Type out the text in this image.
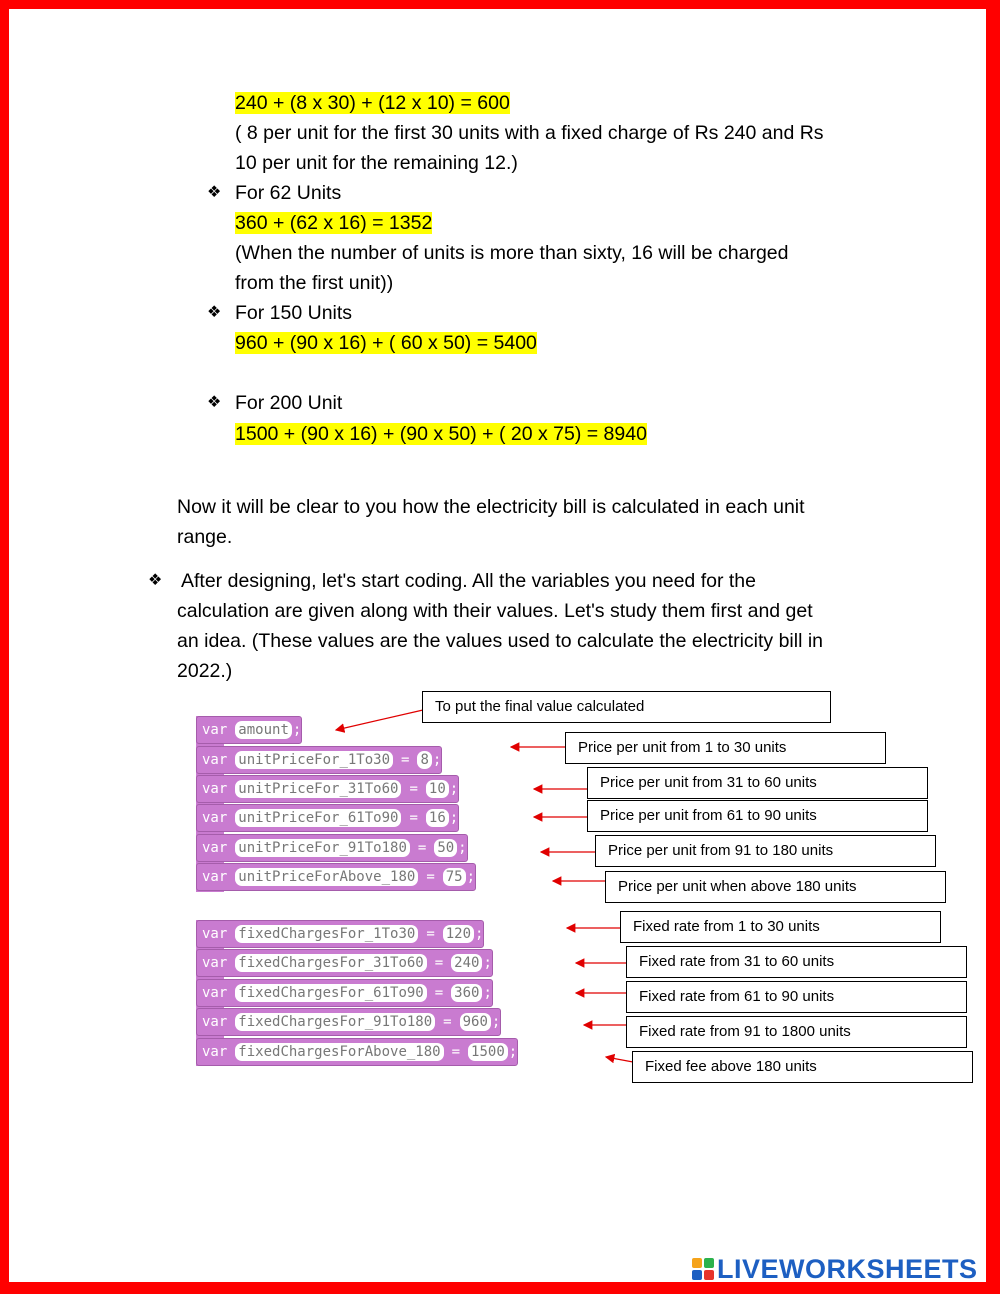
240 + (8 x 30) + (12 x 10) = 600
( 8 per unit for the first 30 units with a fixed charge of Rs 240 and Rs
10 per unit for the remaining 12.)
❖ For 62 Units
360 + (62 x 16) = 1352
(When the number of units is more than sixty, 16 will be charged
from the first unit))
❖ For 150 Units
960 + (90 x 16) + ( 60 x 50) = 5400
❖ For 200 Unit
1500 + (90 x 16) + (90 x 50) + ( 20 x 75) = 8940
Now it will be clear to you how the electricity bill is calculated in each unit
range.
❖ After designing, let's start coding. All the variables you need for the
calculation are given along with their values. Let's study them first and get
an idea. (These values are the values used to calculate the electricity bill in
2022.)
var amount ;
var unitPriceFor_1To30 = 8 ;
var unitPriceFor_31To60 = 10 ;
var unitPriceFor_61To90 = 16 ;
var unitPriceFor_91To180 = 50 ;
var unitPriceForAbove_180 = 75 ;
var fixedChargesFor_1To30 = 120 ;
var fixedChargesFor_31To60 = 240 ;
var fixedChargesFor_61To90 = 360 ;
var fixedChargesFor_91To180 = 960 ;
var fixedChargesForAbove_180 = 1500 ;
To put the final value calculated
Price per unit from 1 to 30 units
Price per unit from 31 to 60 units
Price per unit from 61 to 90 units
Price per unit from 91 to 180 units
Price per unit when above 180 units
Fixed rate from 1 to 30 units
Fixed rate from 31 to 60 units
Fixed rate from 61 to 90 units
Fixed rate from 91 to 1800 units
Fixed fee above 180 units
LIVEWORKSHEETS
